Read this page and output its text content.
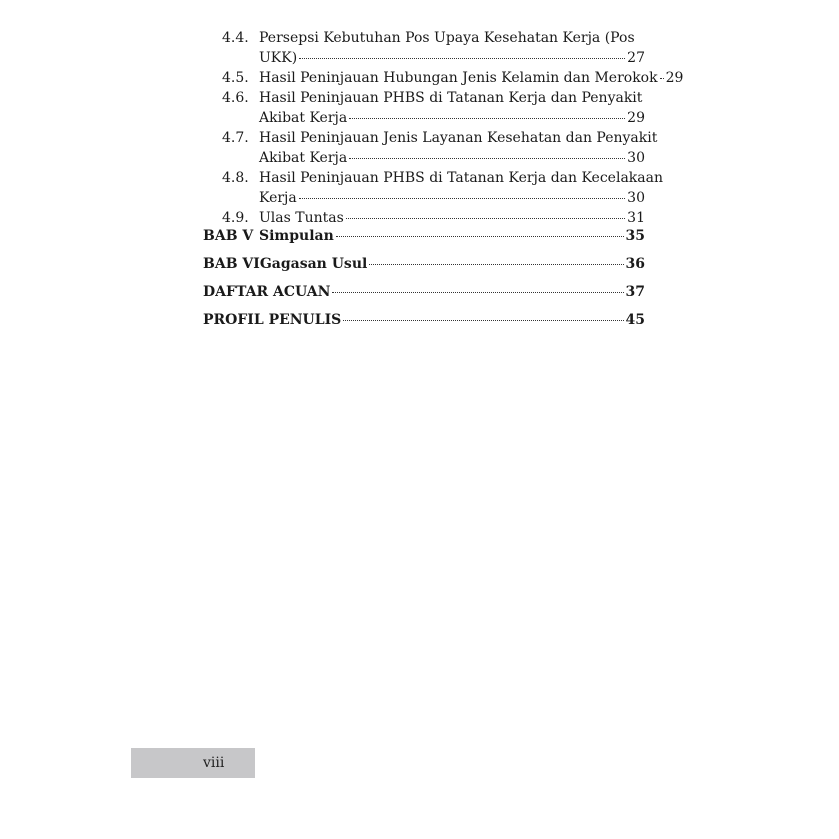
4.4. Persepsi Kebutuhan Pos Upaya Kesehatan Kerja (Pos
UKK)	27
4.5. Hasil Peninjauan Hubungan Jenis Kelamin dan Merokok 29
4.6. Hasil Peninjauan PHBS di Tatanan Kerja dan Penyakit
Akibat Kerja	29
4.7. Hasil Peninjauan Jenis Layanan Kesehatan dan Penyakit
Akibat Kerja	30
4.8. Hasil Peninjauan PHBS di Tatanan Kerja dan Kecelakaan
Kerja	30
4.9. Ulas Tuntas	31
BAB V Simpulan	35
BAB VI Gagasan Usul	36
DAFTAR ACUAN	37
PROFIL PENULIS	45
viii
